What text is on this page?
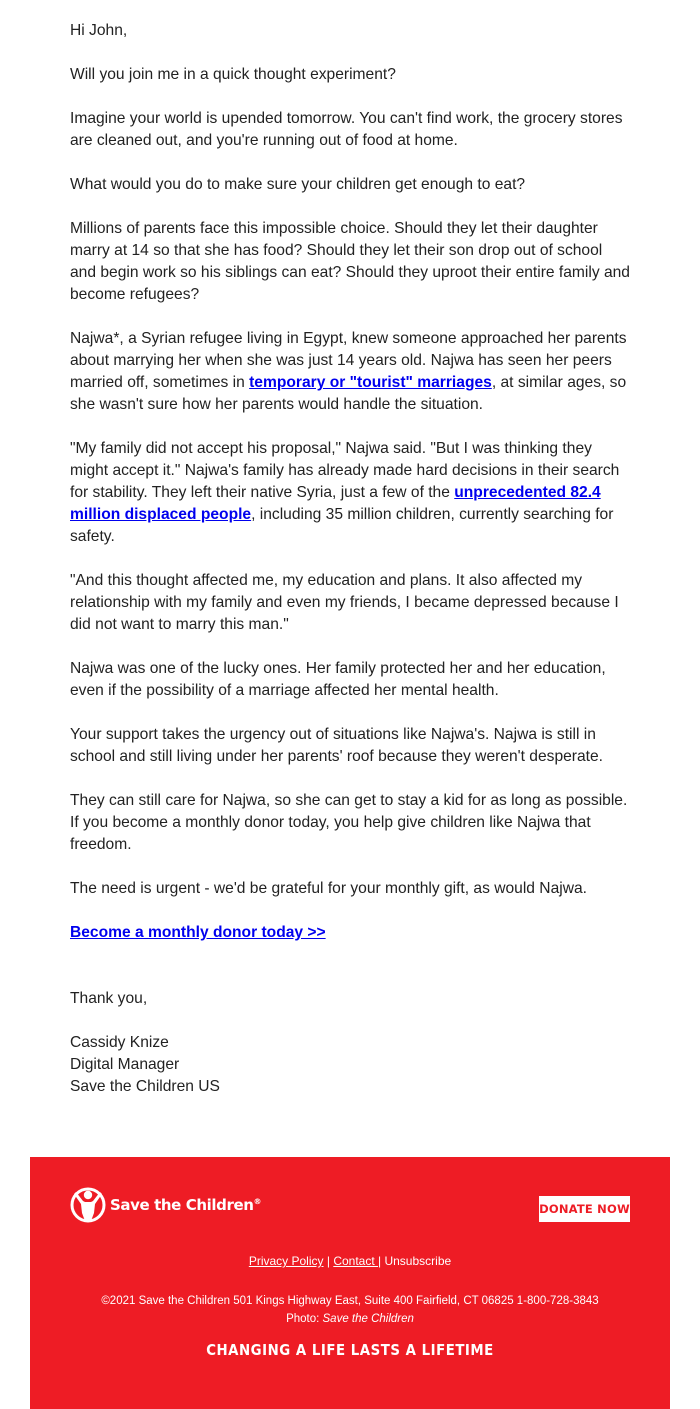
Hi John,

Will you join me in a quick thought experiment?

Imagine your world is upended tomorrow. You can't find work, the grocery stores are cleaned out, and you're running out of food at home.

What would you do to make sure your children get enough to eat?

Millions of parents face this impossible choice. Should they let their daughter marry at 14 so that she has food? Should they let their son drop out of school and begin work so his siblings can eat? Should they uproot their entire family and become refugees?

Najwa*, a Syrian refugee living in Egypt, knew someone approached her parents about marrying her when she was just 14 years old. Najwa has seen her peers married off, sometimes in temporary or "tourist" marriages, at similar ages, so she wasn't sure how her parents would handle the situation.

"My family did not accept his proposal," Najwa said. "But I was thinking they might accept it." Najwa's family has already made hard decisions in their search for stability. They left their native Syria, just a few of the unprecedented 82.4 million displaced people, including 35 million children, currently searching for safety.

"And this thought affected me, my education and plans. It also affected my relationship with my family and even my friends, I became depressed because I did not want to marry this man."

Najwa was one of the lucky ones. Her family protected her and her education, even if the possibility of a marriage affected her mental health.

Your support takes the urgency out of situations like Najwa's. Najwa is still in school and still living under her parents' roof because they weren't desperate.

They can still care for Najwa, so she can get to stay a kid for as long as possible. If you become a monthly donor today, you help give children like Najwa that freedom.

The need is urgent - we'd be grateful for your monthly gift, as would Najwa.

Become a monthly donor today >>

Thank you,

Cassidy Knize
Digital Manager
Save the Children US
Save the Children®
DONATE NOW
Privacy Policy | Contact | Unsubscribe
©2021 Save the Children 501 Kings Highway East, Suite 400 Fairfield, CT 06825 1-800-728-3843
Photo: Save the Children
CHANGING A LIFE LASTS A LIFETIME
